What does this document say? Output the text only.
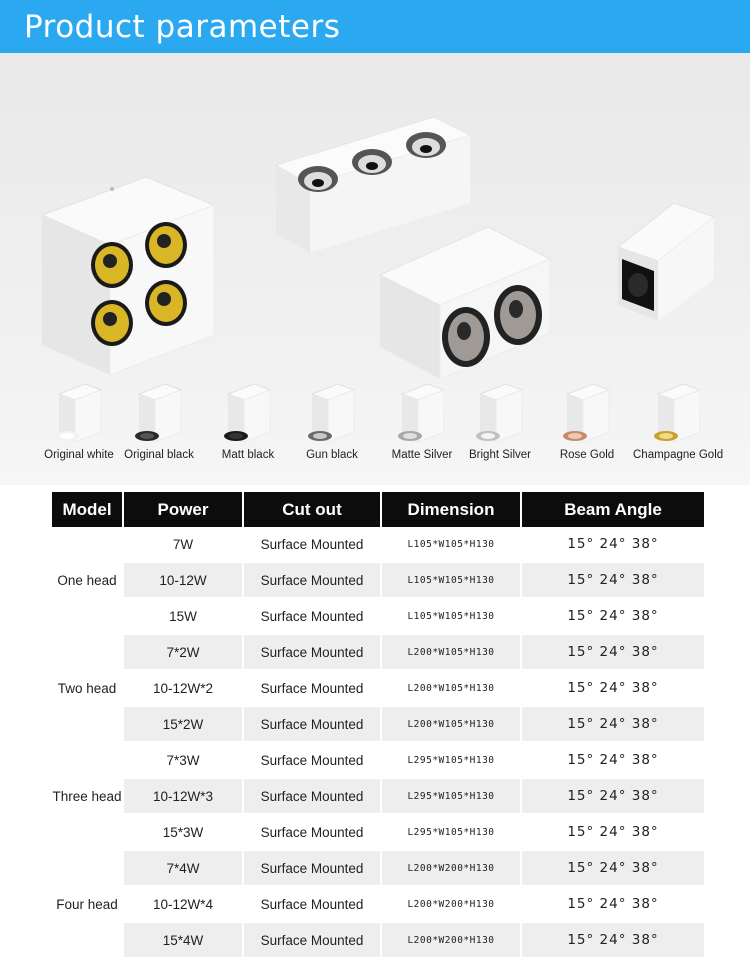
Product parameters
Original white Original black	Matt black	Gun black	Matte Silver	Bright Silver	Rose Gold	Champagne Gold
Model	Power	Cut out	Dimension	Beam Angle
One head	7W	Surface Mounted	L105*W105*H130	15° 24° 38°
	10-12W	Surface Mounted	L105*W105*H130	15° 24° 38°
	15W	Surface Mounted	L105*W105*H130	15° 24° 38°
Two head	7*2W	Surface Mounted	L200*W105*H130	15° 24° 38°
	10-12W*2	Surface Mounted	L200*W105*H130	15° 24° 38°
	15*2W	Surface Mounted	L200*W105*H130	15° 24° 38°
Three head	7*3W	Surface Mounted	L295*W105*H130	15° 24° 38°
	10-12W*3	Surface Mounted	L295*W105*H130	15° 24° 38°
	15*3W	Surface Mounted	L295*W105*H130	15° 24° 38°
Four head	7*4W	Surface Mounted	L200*W200*H130	15° 24° 38°
	10-12W*4	Surface Mounted	L200*W200*H130	15° 24° 38°
	15*4W	Surface Mounted	L200*W200*H130	15° 24° 38°
